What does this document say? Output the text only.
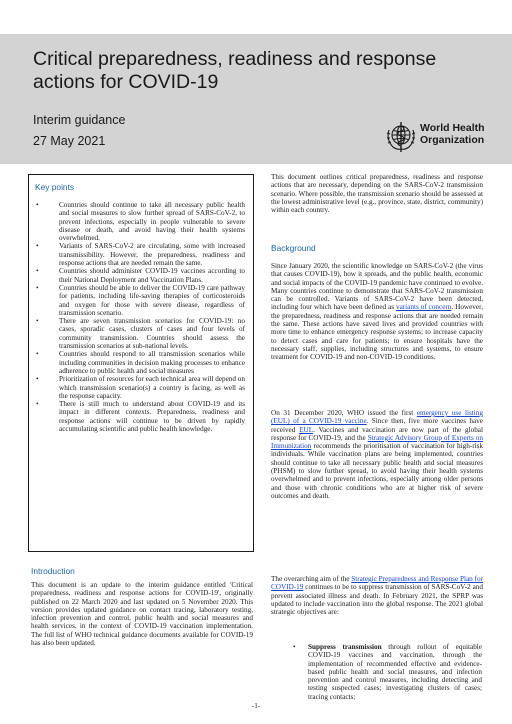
Critical preparedness, readiness and response actions for COVID-19
Interim guidance
27 May 2021
World Health
Organization
Key points
•	Countries should continue to take all necessary public health and social measures to slow further spread of SARS-CoV-2, to prevent infections, especially in people vulnerable to severe disease or death, and avoid having their health systems overwhelmed.
•	Variants of SARS-CoV-2 are circulating, some with increased transmissibility. However, the preparedness, readiness and response actions that are needed remain the same.
•	Countries should administer COVID-19 vaccines according to their National Deployment and Vaccination Plans.
•	Countries should be able to deliver the COVID-19 care pathway for patients, including life-saving therapies of corticosteroids and oxygen for those with severe disease, regardless of transmission scenario.
•	There are seven transmission scenarios for COVID-19: no cases, sporadic cases, clusters of cases and four levels of community transmission. Countries should assess the transmission scenarios at sub-national levels.
•	Countries should respond to all transmission scenarios while including communities in decision making processes to enhance adherence to public health and social measures
•	Prioritization of resources for each technical area will depend on which transmission scenario(s) a country is facing, as well as the response capacity.
•	There is still much to understand about COVID-19 and its impact in different contexts. Preparedness, readiness and response actions will continue to be driven by rapidly accumulating scientific and public health knowledge.
Introduction

This document is an update to the interim guidance entitled 'Critical preparedness, readiness and response actions for COVID-19', originally published on 22 March 2020 and last updated on 5 November 2020. This version provides updated guidance on contact tracing, laboratory testing, infection prevention and control, public health and social measures and health services, in the context of COVID-19 vaccination implementation. The full list of WHO technical guidance documents available for COVID-19 has also been updated.

This document outlines critical preparedness, readiness and response actions that are necessary, depending on the SARS-CoV-2 transmission scenario. Where possible, the transmission scenario should be assessed at the lowest administrative level (e.g., province, state, district, community) within each country.

Background

Since January 2020, the scientific knowledge on SARS-CoV-2 (the virus that causes COVID-19), how it spreads, and the public health, economic and social impacts of the COVID-19 pandemic have continued to evolve. Many countries continue to demonstrate that SARS-CoV-2 transmission can be controlled. Variants of SARS-CoV-2 have been detected, including four which have been defined as variants of concern. However, the preparedness, readiness and response actions that are needed remain the same. These actions have saved lives and provided countries with more time to enhance emergency response systems; to increase capacity to detect cases and care for patients; to ensure hospitals have the necessary staff, supplies, including structures and systems, to ensure treatment for COVID-19 and non-COVID-19 conditions.

On 31 December 2020, WHO issued the first emergency use listing (EUL) of a COVID-19 vaccine. Since then, five more vaccines have received EUL. Vaccines and vaccination are now part of the global response for COVID-19, and the Strategic Advisory Group of Experts on Immunization recommends the prioritisation of vaccination for high-risk individuals. While vaccination plans are being implemented, countries should continue to take all necessary public health and social measures (PHSM) to slow further spread, to avoid having their health systems overwhelmed and to prevent infections, especially among older persons and those with chronic conditions who are at higher risk of severe outcomes and death.

The overarching aim of the Strategic Preparedness and Response Plan for COVID-19 continues to be to suppress transmission of SARS-CoV-2 and prevent associated illness and death. In February 2021, the SPRP was updated to include vaccination into the global response. The 2021 global strategic objectives are:

• Suppress transmission through rollout of equitable COVID-19 vaccines and vaccination, through the implementation of recommended effective and evidence-based public health and social measures, and infection prevention and control measures, including detecting and testing suspected cases; investigating clusters of cases; tracing contacts;
-1-
